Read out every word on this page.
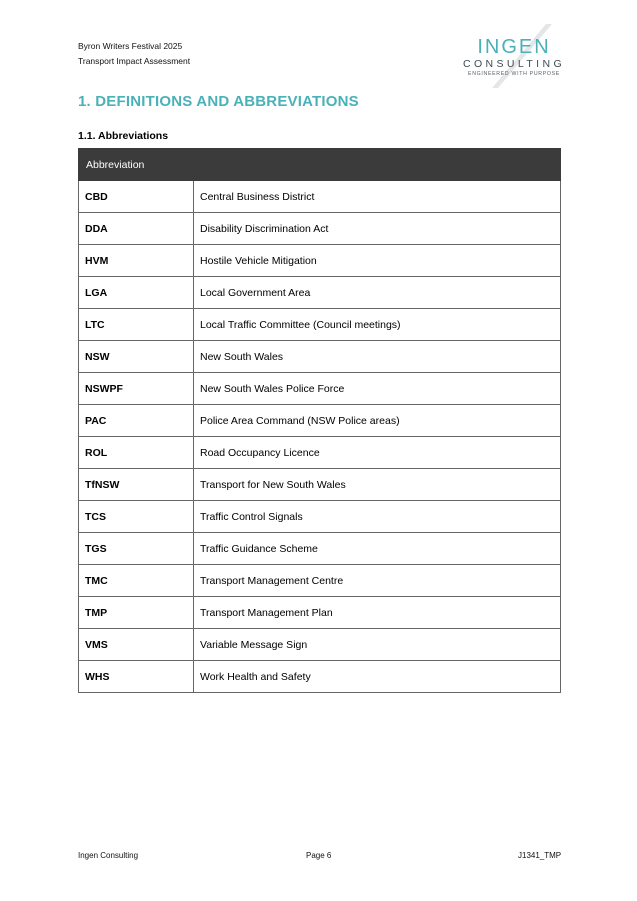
Byron Writers Festival 2025
Transport Impact Assessment
INGEN
CONSULTING
ENGINEERED WITH PURPOSE
1. DEFINITIONS AND ABBREVIATIONS
1.1. Abbreviations
Abbreviation	
CBD	Central Business District
DDA	Disability Discrimination Act
HVM	Hostile Vehicle Mitigation
LGA	Local Government Area
LTC	Local Traffic Committee (Council meetings)
NSW	New South Wales
NSWPF	New South Wales Police Force
PAC	Police Area Command (NSW Police areas)
ROL	Road Occupancy Licence
TfNSW	Transport for New South Wales
TCS	Traffic Control Signals
TGS	Traffic Guidance Scheme
TMC	Transport Management Centre
TMP	Transport Management Plan
VMS	Variable Message Sign
WHS	Work Health and Safety
Ingen Consulting	Page 6	J1341_TMP
